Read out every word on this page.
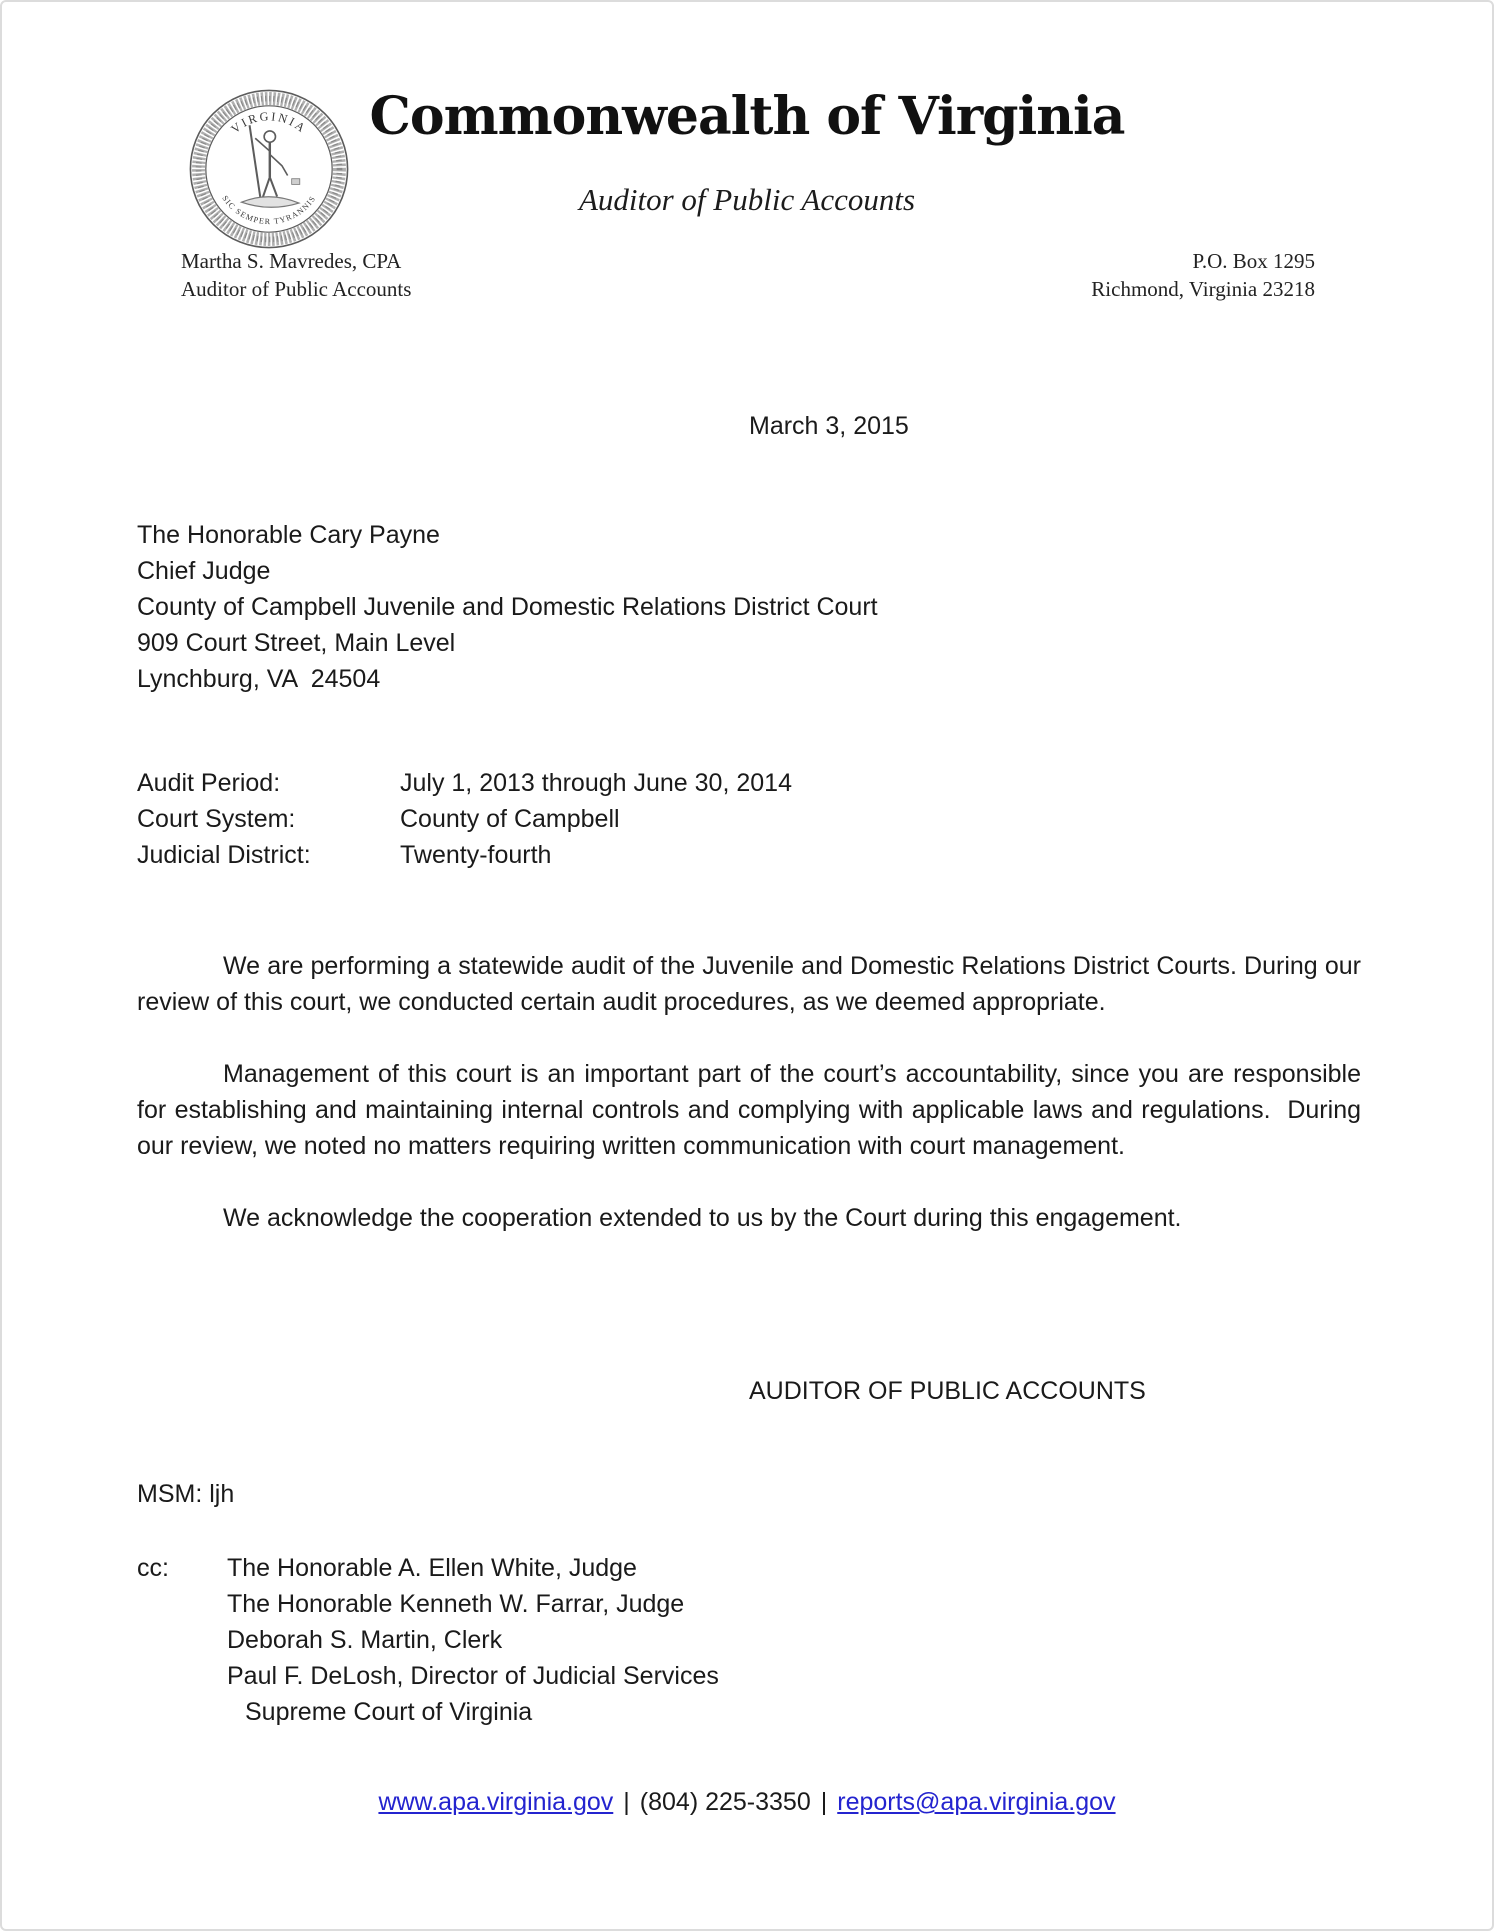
VIRGINIA
SIC SEMPER TYRANNIS
Commonwealth of Virginia
Auditor of Public Accounts
Martha S. Mavredes, CPA
Auditor of Public Accounts
P.O. Box 1295
Richmond, Virginia 23218
March 3, 2015
The Honorable Cary Payne
Chief Judge
County of Campbell Juvenile and Domestic Relations District Court
909 Court Street, Main Level
Lynchburg, VA  24504
Audit Period:	July 1, 2013 through June 30, 2014
Court System:	County of Campbell
Judicial District:	Twenty-fourth

We are performing a statewide audit of the Juvenile and Domestic Relations District Courts. During our review of this court, we conducted certain audit procedures, as we deemed appropriate.

Management of this court is an important part of the court’s accountability, since you are responsible for establishing and maintaining internal controls and complying with applicable laws and regulations.  During our review, we noted no matters requiring written communication with court management.

We acknowledge the cooperation extended to us by the Court during this engagement.

AUDITOR OF PUBLIC ACCOUNTS
MSM: ljh
cc: The Honorable A. Ellen White, Judge
The Honorable Kenneth W. Farrar, Judge
Deborah S. Martin, Clerk
Paul F. DeLosh, Director of Judicial Services
Supreme Court of Virginia
www.apa.virginia.gov | (804) 225-3350 | reports@apa.virginia.gov
